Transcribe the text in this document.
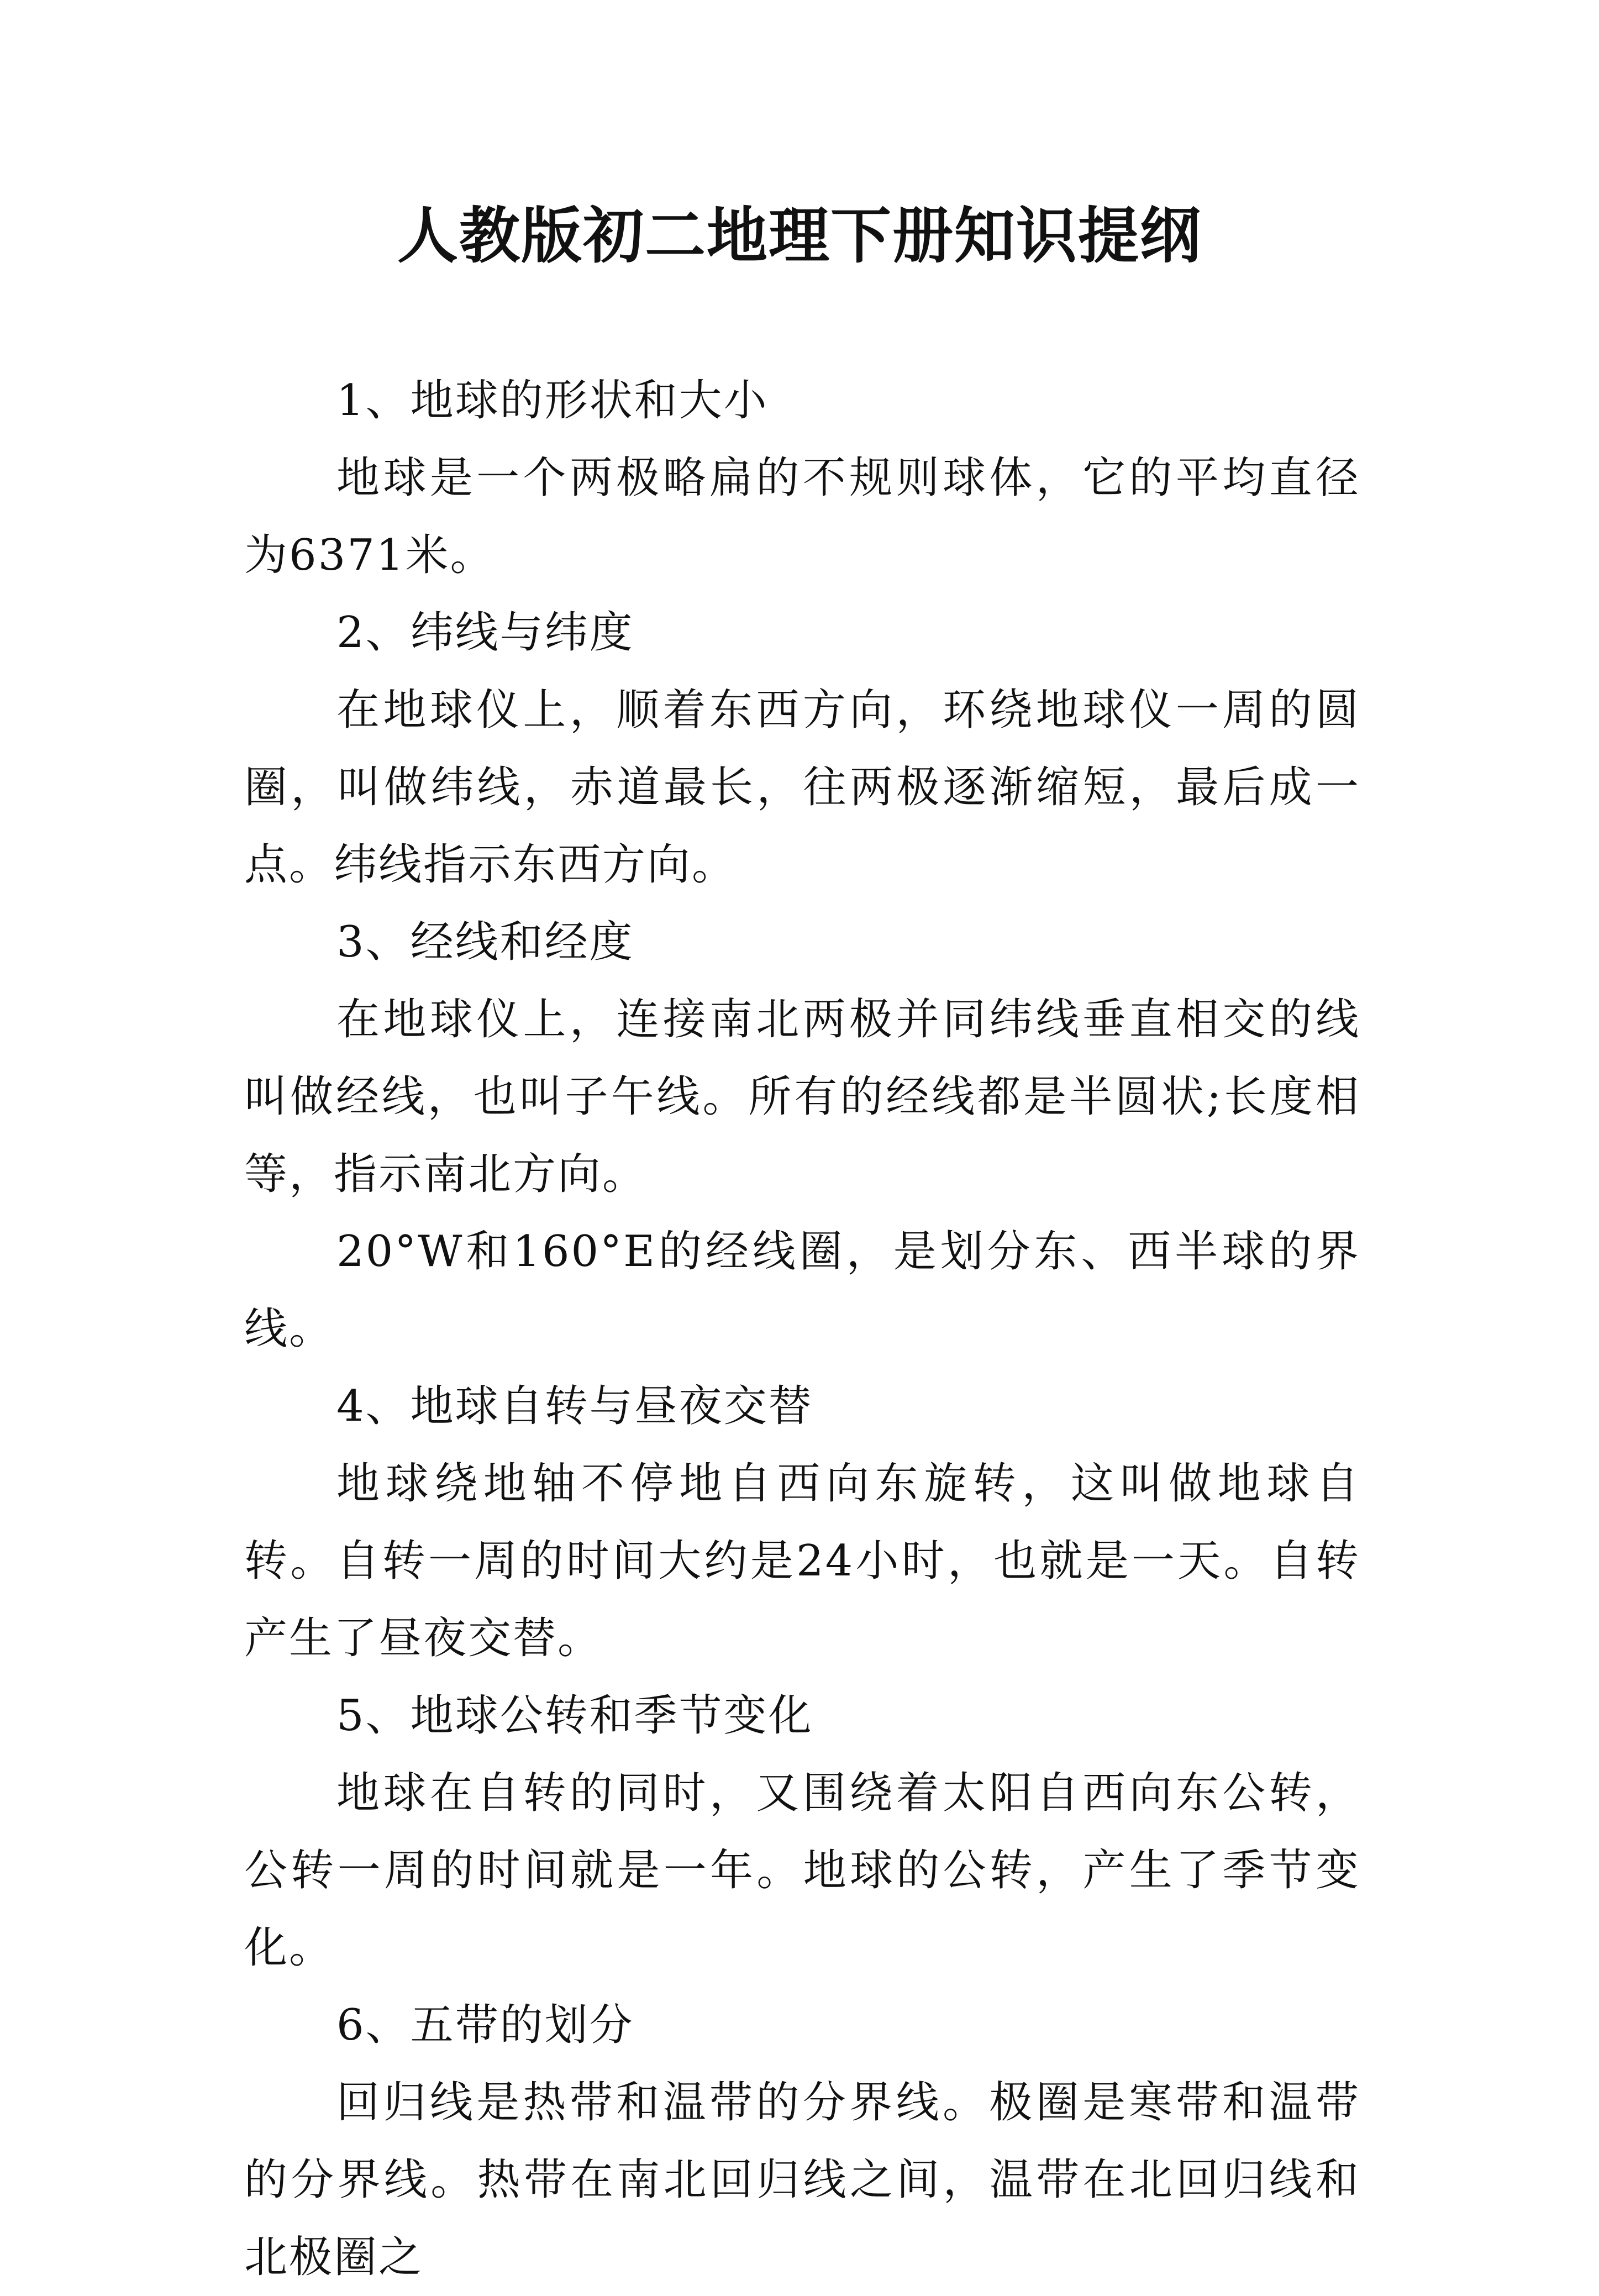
人教版初二地理下册知识提纲

1、地球的形状和大小

地球是一个两极略扁的不规则球体，它的平均直径为6371米。

2、纬线与纬度

在地球仪上，顺着东西方向，环绕地球仪一周的圆圈，叫做纬线，赤道最长，往两极逐渐缩短，最后成一点。纬线指示东西方向。

3、经线和经度

在地球仪上，连接南北两极并同纬线垂直相交的线叫做经线，也叫子午线。所有的经线都是半圆状;长度相等，指示南北方向。

20°W和160°E的经线圈，是划分东、西半球的界线。

4、地球自转与昼夜交替

地球绕地轴不停地自西向东旋转，这叫做地球自转。自转一周的时间大约是24小时，也就是一天。自转产生了昼夜交替。

5、地球公转和季节变化

地球在自转的同时，又围绕着太阳自西向东公转，公转一周的时间就是一年。地球的公转，产生了季节变化。

6、五带的划分

回归线是热带和温带的分界线。极圈是寒带和温带的分界线。热带在南北回归线之间，温带在北回归线和北极圈之
